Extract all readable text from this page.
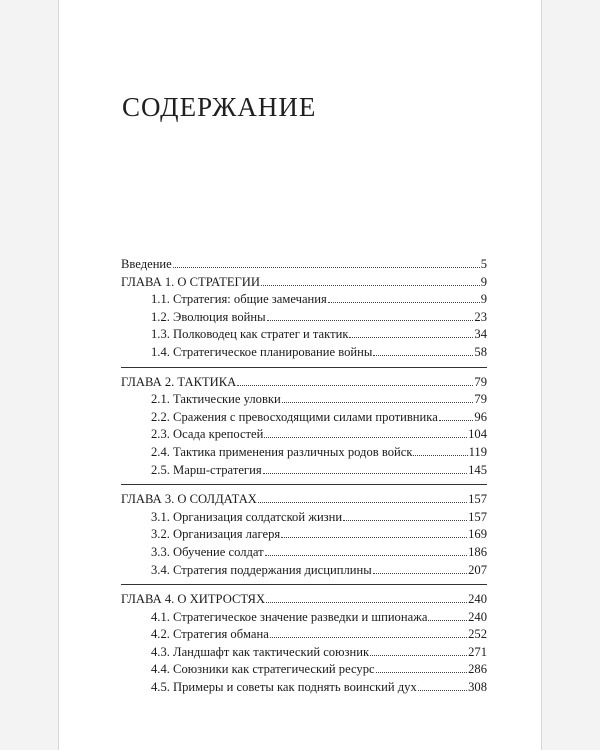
СОДЕРЖАНИЕ
Введение	5
ГЛАВА 1. О СТРАТЕГИИ	9
1.1. Стратегия: общие замечания	9
1.2. Эволюция войны	23
1.3. Полководец как стратег и тактик	34
1.4. Стратегическое планирование войны	58
ГЛАВА 2. ТАКТИКА	79
2.1. Тактические уловки	79
2.2. Сражения с превосходящими силами противника	96
2.3. Осада крепостей	104
2.4. Тактика применения различных родов войск	119
2.5. Марш-стратегия	145
ГЛАВА 3. О СОЛДАТАХ	157
3.1. Организация солдатской жизни	157
3.2. Организация лагеря	169
3.3. Обучение солдат	186
3.4. Стратегия поддержания дисциплины	207
ГЛАВА 4. О ХИТРОСТЯХ	240
4.1. Стратегическое значение разведки и шпионажа	240
4.2. Стратегия обмана	252
4.3. Ландшафт как тактический союзник	271
4.4. Союзники как стратегический ресурс	286
4.5. Примеры и советы как поднять воинский дух	308
